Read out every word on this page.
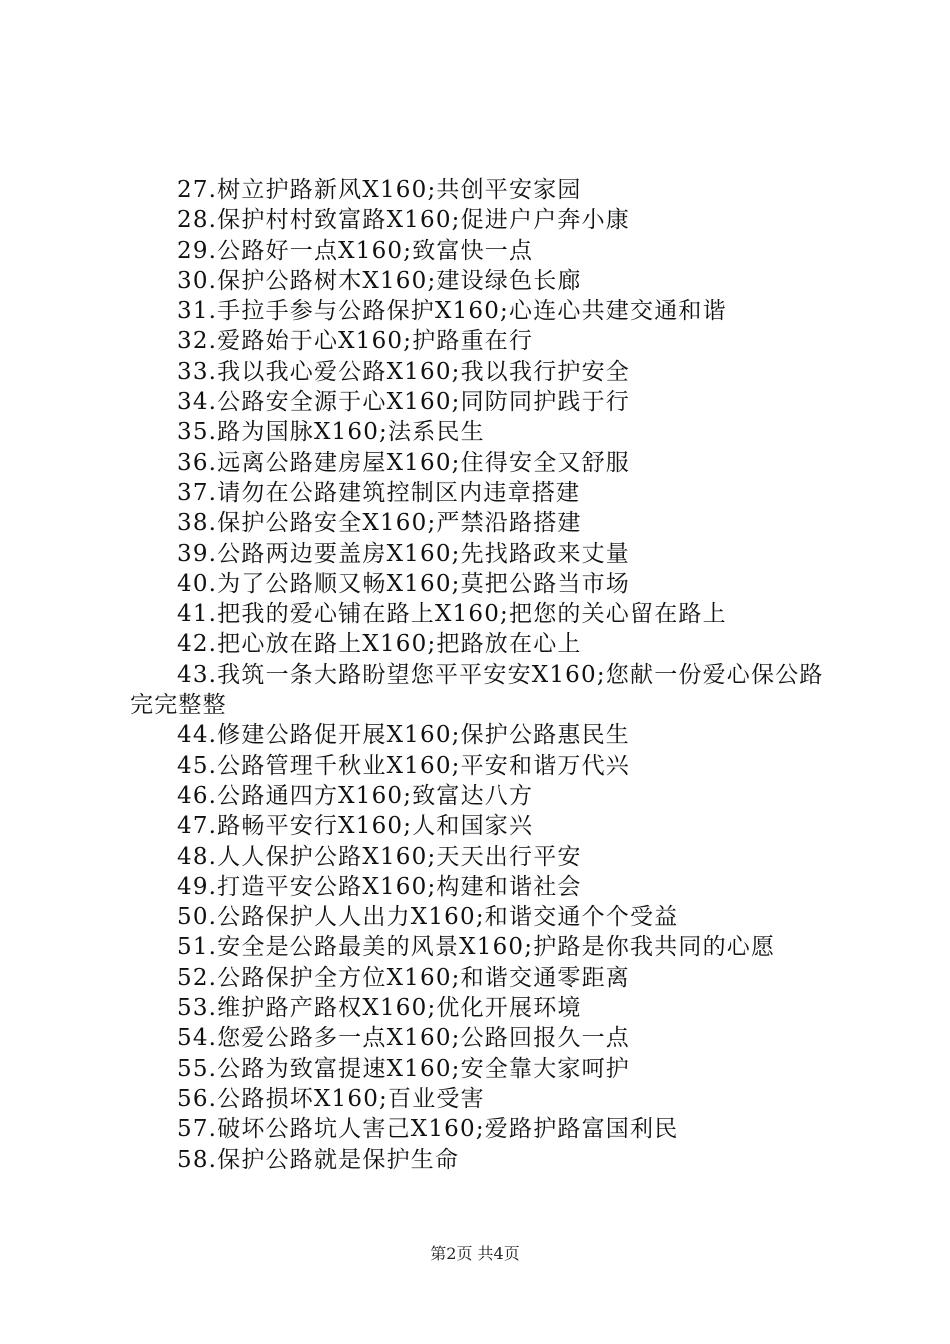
27.树立护路新风X160;共创平安家园
28.保护村村致富路X160;促进户户奔小康
29.公路好一点X160;致富快一点
30.保护公路树木X160;建设绿色长廊
31.手拉手参与公路保护X160;心连心共建交通和谐
32.爱路始于心X160;护路重在行
33.我以我心爱公路X160;我以我行护安全
34.公路安全源于心X160;同防同护践于行
35.路为国脉X160;法系民生
36.远离公路建房屋X160;住得安全又舒服
37.请勿在公路建筑控制区内违章搭建
38.保护公路安全X160;严禁沿路搭建
39.公路两边要盖房X160;先找路政来丈量
40.为了公路顺又畅X160;莫把公路当市场
41.把我的爱心铺在路上X160;把您的关心留在路上
42.把心放在路上X160;把路放在心上
43.我筑一条大路盼望您平平安安X160;您献一份爱心保公路完完整整
44.修建公路促开展X160;保护公路惠民生
45.公路管理千秋业X160;平安和谐万代兴
46.公路通四方X160;致富达八方
47.路畅平安行X160;人和国家兴
48.人人保护公路X160;天天出行平安
49.打造平安公路X160;构建和谐社会
50.公路保护人人出力X160;和谐交通个个受益
51.安全是公路最美的风景X160;护路是你我共同的心愿
52.公路保护全方位X160;和谐交通零距离
53.维护路产路权X160;优化开展环境
54.您爱公路多一点X160;公路回报久一点
55.公路为致富提速X160;安全靠大家呵护
56.公路损坏X160;百业受害
57.破坏公路坑人害己X160;爱路护路富国利民
58.保护公路就是保护生命
第2页 共4页
